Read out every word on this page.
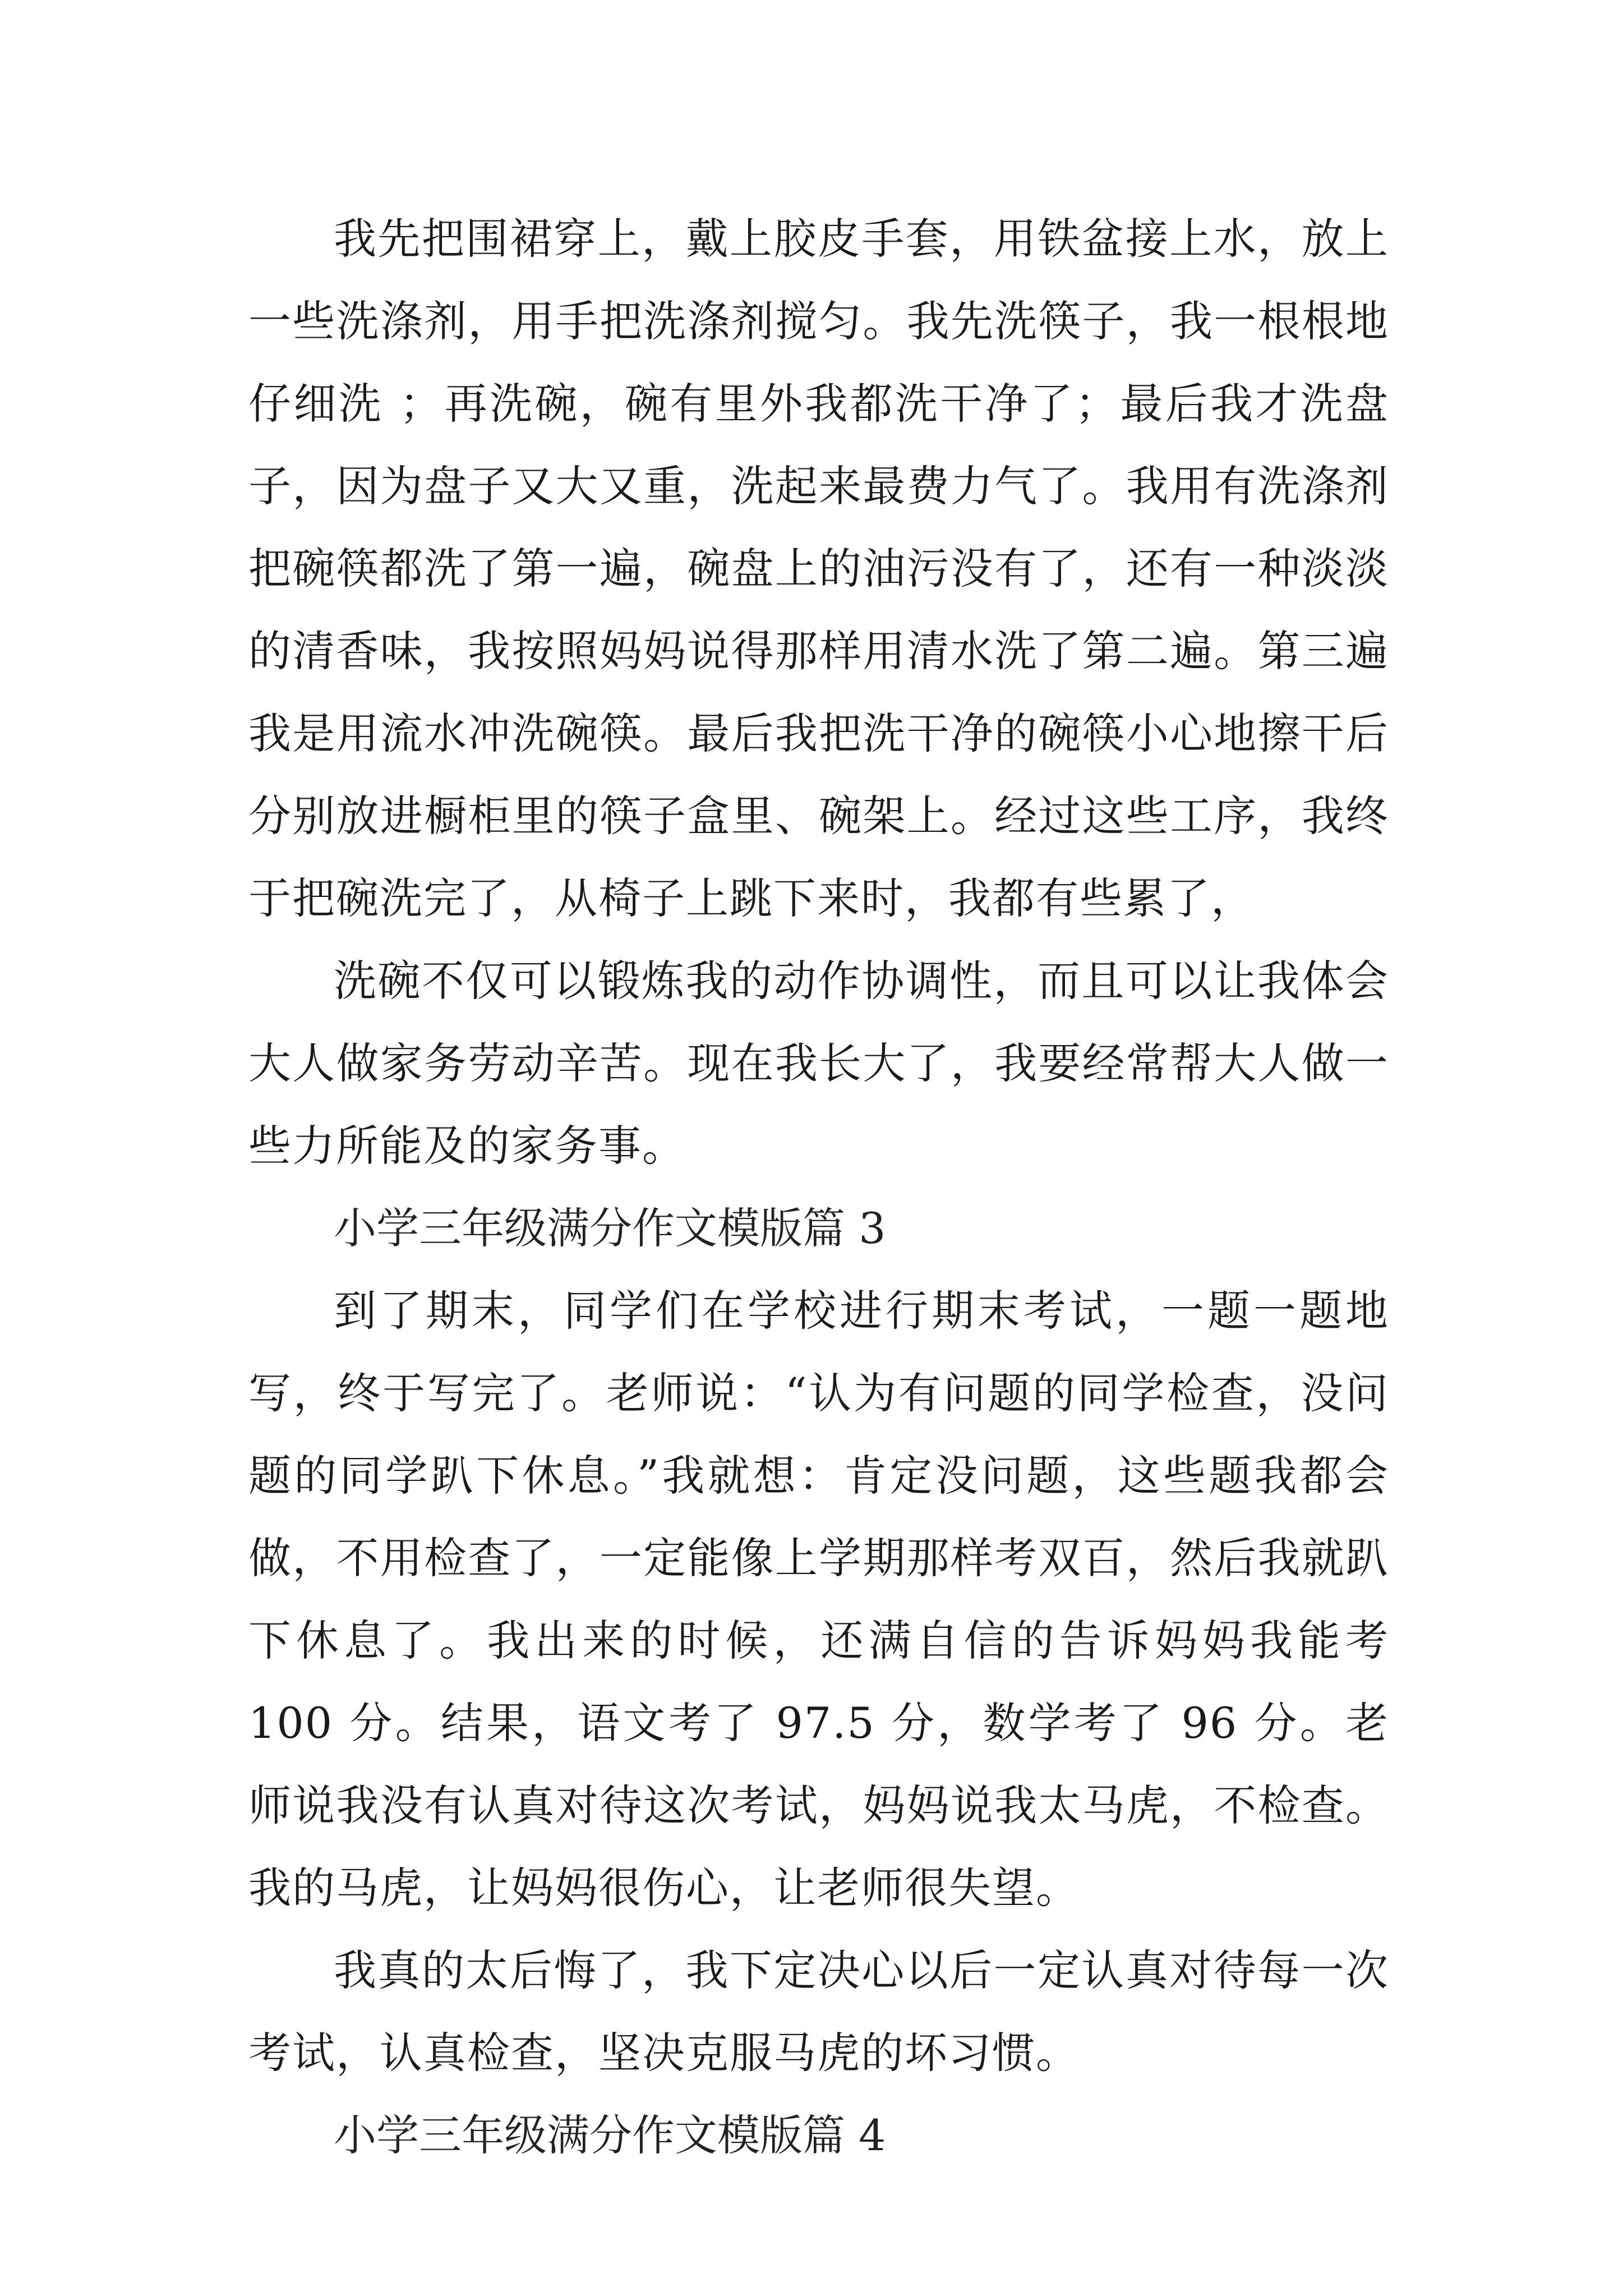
我先把围裙穿上，戴上胶皮手套，用铁盆接上水，放上一些洗涤剂，用手把洗涤剂搅匀。我先洗筷子，我一根根地仔细洗 ；再洗碗，碗有里外我都洗干净了；最后我才洗盘子，因为盘子又大又重，洗起来最费力气了。我用有洗涤剂把碗筷都洗了第一遍，碗盘上的油污没有了，还有一种淡淡的清香味，我按照妈妈说得那样用清水洗了第二遍。第三遍我是用流水冲洗碗筷。最后我把洗干净的碗筷小心地擦干后分别放进橱柜里的筷子盒里、碗架上。经过这些工序，我终于把碗洗完了，从椅子上跳下来时，我都有些累了，

洗碗不仅可以锻炼我的动作协调性，而且可以让我体会大人做家务劳动辛苦。现在我长大了，我要经常帮大人做一些力所能及的家务事。

小学三年级满分作文模版篇 3

到了期末，同学们在学校进行期末考试，一题一题地写，终于写完了。老师说：“认为有问题的同学检查，没问题的同学趴下休息。”我就想：肯定没问题，这些题我都会做，不用检查了，一定能像上学期那样考双百，然后我就趴下休息了。我出来的时候，还满自信的告诉妈妈我能考 100 分。结果，语文考了 97.5 分，数学考了 96 分。老师说我没有认真对待这次考试，妈妈说我太马虎，不检查。我的马虎，让妈妈很伤心，让老师很失望。

我真的太后悔了，我下定决心以后一定认真对待每一次考试，认真检查，坚决克服马虎的坏习惯。

小学三年级满分作文模版篇 4
